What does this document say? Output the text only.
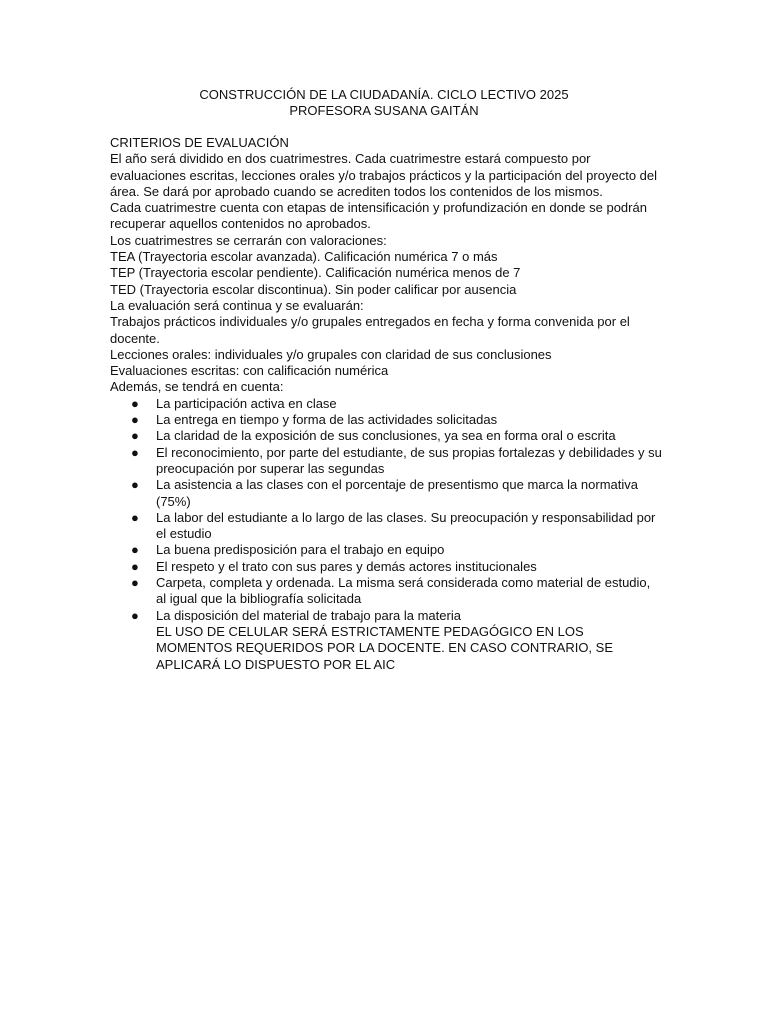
CONSTRUCCIÓN DE LA CIUDADANÍA. CICLO LECTIVO 2025
PROFESORA SUSANA GAITÁN

CRITERIOS DE EVALUACIÓN

El año será dividido en dos cuatrimestres. Cada cuatrimestre estará compuesto por evaluaciones escritas, lecciones orales y/o trabajos prácticos y la participación del proyecto del área. Se dará por aprobado cuando se acrediten todos los contenidos de los mismos.

Cada cuatrimestre cuenta con etapas de intensificación y profundización en donde se podrán recuperar aquellos contenidos no aprobados.

Los cuatrimestres se cerrarán con valoraciones:

TEA (Trayectoria escolar avanzada). Calificación numérica 7 o más

TEP (Trayectoria escolar pendiente). Calificación numérica menos de 7

TED (Trayectoria escolar discontinua). Sin poder calificar por ausencia

La evaluación será continua y se evaluarán:

Trabajos prácticos individuales y/o grupales entregados en fecha y forma convenida por el docente.

Lecciones orales: individuales y/o grupales con claridad de sus conclusiones

Evaluaciones escritas: con calificación numérica

Además, se tendrá en cuenta:

● La participación activa en clase
● La entrega en tiempo y forma de las actividades solicitadas
● La claridad de la exposición de sus conclusiones, ya sea en forma oral o escrita
● El reconocimiento, por parte del estudiante, de sus propias fortalezas y debilidades y su preocupación por superar las segundas
● La asistencia a las clases con el porcentaje de presentismo que marca la normativa (75%)
● La labor del estudiante a lo largo de las clases. Su preocupación y responsabilidad por el estudio
● La buena predisposición para el trabajo en equipo
● El respeto y el trato con sus pares y demás actores institucionales
● Carpeta, completa y ordenada. La misma será considerada como material de estudio, al igual que la bibliografía solicitada
● La disposición del material de trabajo para la materia

EL USO DE CELULAR SERÁ ESTRICTAMENTE PEDAGÓGICO EN LOS MOMENTOS REQUERIDOS POR LA DOCENTE. EN CASO CONTRARIO, SE APLICARÁ LO DISPUESTO POR EL AIC
